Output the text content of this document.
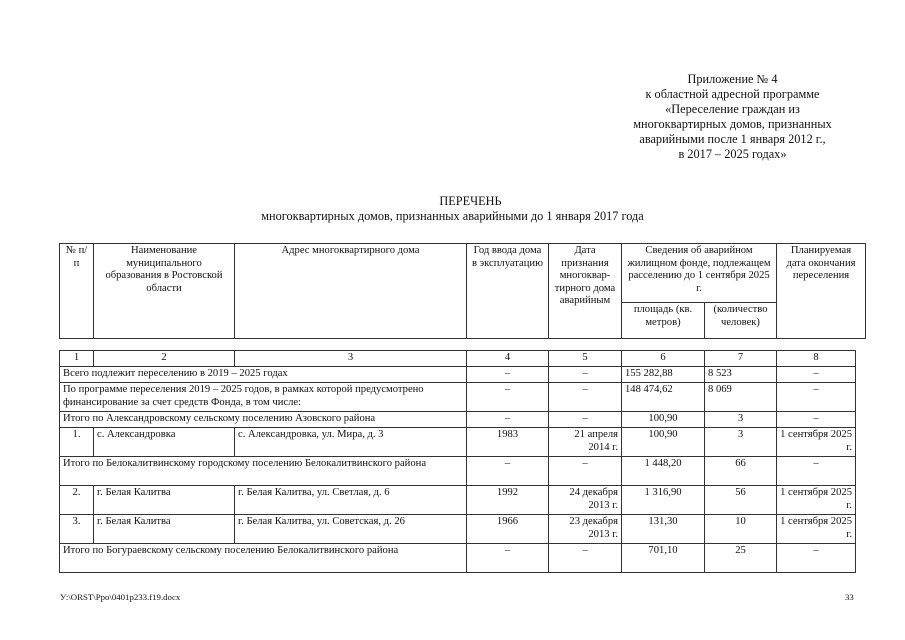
Приложение № 4
к областной адресной программе
«Переселение граждан из
многоквартирных домов, признанных
аварийными после 1 января 2012 г.,
в 2017 – 2025 годах»
ПЕРЕЧЕНЬ
многоквартирных домов, признанных аварийными до 1 января 2017 года
№ п/п	Наименование муниципального образования в Ростовской области	Адрес многоквартирного дома	Год ввода дома в эксплуатацию	Дата признания многоквар-тирного дома аварийным	Сведения об аварийном жилищном фонде, подлежащем расселению до 1 сентября 2025 г.		Планируемая дата окончания переселения
					площадь (кв. метров)	(количество человек)	
1	2	3	4	5	6	7	8
Всего подлежит переселению в 2019 – 2025 годах			–	–	155 282,88	8 523	–
По программе переселения 2019 – 2025 годов, в рамках которой предусмотрено финансирование за счет средств Фонда, в том числе:			–	–	148 474,62	8 069	–
Итого по Александровскому сельскому поселению Азовского района			–	–	100,90	3	–
1.	с. Александровка	с. Александровка, ул. Мира, д. 3	1983	21 апреля 2014 г.	100,90	3	1 сентября 2025 г.
Итого по Белокалитвинскому городскому поселению Белокалитвинского района			–	–	1 448,20	66	–
2.	г. Белая Калитва	г. Белая Калитва, ул. Светлая, д. 6	1992	24 декабря 2013 г.	1 316,90	56	1 сентября 2025 г.
3.	г. Белая Калитва	г. Белая Калитва, ул. Советская, д. 26	1966	23 декабря 2013 г.	131,30	10	1 сентября 2025 г.
Итого по Богураевскому сельскому поселению Белокалитвинского района			–	–	701,10	25	–
У:\ORST\Ppo\0401p233.f19.docx	33
